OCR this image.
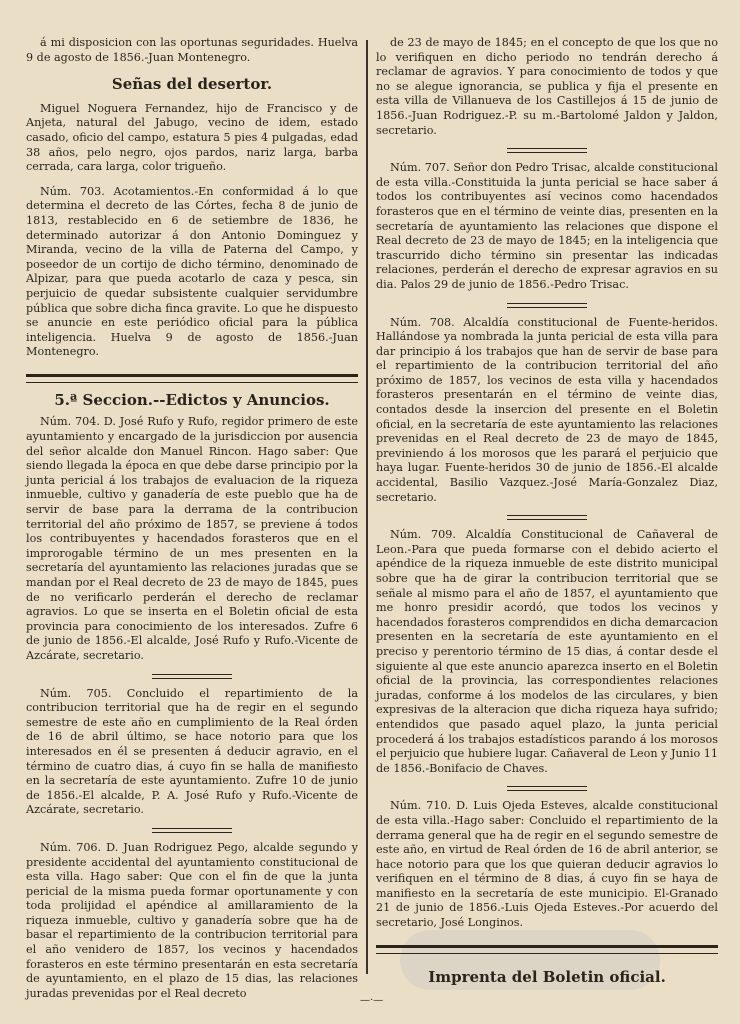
á mi disposicion con las oportunas seguridades. Huelva 9 de agosto de 1856.-Juan Montenegro.

Señas del desertor.

Miguel Noguera Fernandez, hijo de Francisco y de Anjeta, natural del Jabugo, vecino de idem, estado casado, oficio del campo, estatura 5 pies 4 pulgadas, edad 38 años, pelo negro, ojos pardos, nariz larga, barba cerrada, cara larga, color trigueño.

Núm. 703. Acotamientos.-En conformidad á lo que determina el decreto de las Córtes, fecha 8 de junio de 1813, restablecido en 6 de setiembre de 1836, he determinado autorizar á don Antonio Dominguez y Miranda, vecino de la villa de Paterna del Campo, y poseedor de un cortijo de dicho término, denominado de Alpizar, para que pueda acotarlo de caza y pesca, sin perjuicio de quedar subsistente cualquier servidumbre pública que sobre dicha finca gravite. Lo que he dispuesto se anuncie en este periódico oficial para la pública inteligencia. Huelva 9 de agosto de 1856.-Juan Montenegro.

5.ª Seccion.--Edictos y Anuncios.

Núm. 704. D. José Rufo y Rufo, regidor primero de este ayuntamiento y encargado de la jurisdiccion por ausencia del señor alcalde don Manuel Rincon. Hago saber: Que siendo llegada la época en que debe darse principio por la junta pericial á los trabajos de evaluacion de la riqueza inmueble, cultivo y ganadería de este pueblo que ha de servir de base para la derrama de la contribucion territorial del año próximo de 1857, se previene á todos los contribuyentes y hacendados forasteros que en el improrogable término de un mes presenten en la secretaría del ayuntamiento las relaciones juradas que se mandan por el Real decreto de 23 de mayo de 1845, pues de no verificarlo perderán el derecho de reclamar agravios. Lo que se inserta en el Boletin oficial de esta provincia para conocimiento de los interesados. Zufre 6 de junio de 1856.-El alcalde, José Rufo y Rufo.-Vicente de Azcárate, secretario.

Núm. 705. Concluido el repartimiento de la contribucion territorial que ha de regir en el segundo semestre de este año en cumplimiento de la Real órden de 16 de abril último, se hace notorio para que los interesados en él se presenten á deducir agravio, en el término de cuatro dias, á cuyo fin se halla de manifiesto en la secretaría de este ayuntamiento. Zufre 10 de junio de 1856.-El alcalde, P. A. José Rufo y Rufo.-Vicente de Azcárate, secretario.

Núm. 706. D. Juan Rodriguez Pego, alcalde segundo y presidente accidental del ayuntamiento constitucional de esta villa. Hago saber: Que con el fin de que la junta pericial de la misma pueda formar oportunamente y con toda prolijidad el apéndice al amillaramiento de la riqueza inmueble, cultivo y ganadería sobre que ha de basar el repartimiento de la contribucion territorial para el año venidero de 1857, los vecinos y hacendados forasteros en este término presentarán en esta secretaría de ayuntamiento, en el plazo de 15 dias, las relaciones juradas prevenidas por el Real decreto

de 23 de mayo de 1845; en el concepto de que los que no lo verifiquen en dicho periodo no tendrán derecho á reclamar de agravios. Y para conocimiento de todos y que no se alegue ignorancia, se publica y fija el presente en esta villa de Villanueva de los Castillejos á 15 de junio de 1856.-Juan Rodriguez.-P. su m.-Bartolomé Jaldon y Jaldon, secretario.

Núm. 707. Señor don Pedro Trisac, alcalde constitucional de esta villa.-Constituida la junta pericial se hace saber á todos los contribuyentes así vecinos como hacendados forasteros que en el término de veinte dias, presenten en la secretaría de ayuntamiento las relaciones que dispone el Real decreto de 23 de mayo de 1845; en la inteligencia que trascurrido dicho término sin presentar las indicadas relaciones, perderán el derecho de expresar agravios en su dia. Palos 29 de junio de 1856.-Pedro Trisac.

Núm. 708. Alcaldía constitucional de Fuente-heridos. Hallándose ya nombrada la junta pericial de esta villa para dar principio á los trabajos que han de servir de base para el repartimiento de la contribucion territorial del año próximo de 1857, los vecinos de esta villa y hacendados forasteros presentarán en el término de veinte dias, contados desde la insercion del presente en el Boletin oficial, en la secretaría de este ayuntamiento las relaciones prevenidas en el Real decreto de 23 de mayo de 1845, previniendo á los morosos que les parará el perjuicio que haya lugar. Fuente-heridos 30 de junio de 1856.-El alcalde accidental, Basilio Vazquez.-José María-Gonzalez Diaz, secretario.

Núm. 709. Alcaldía Constitucional de Cañaveral de Leon.-Para que pueda formarse con el debido acierto el apéndice de la riqueza inmueble de este distrito municipal sobre que ha de girar la contribucion territorial que se señale al mismo para el año de 1857, el ayuntamiento que me honro presidir acordó, que todos los vecinos y hacendados forasteros comprendidos en dicha demarcacion presenten en la secretaría de este ayuntamiento en el preciso y perentorio término de 15 dias, á contar desde el siguiente al que este anuncio aparezca inserto en el Boletin oficial de la provincia, las correspondientes relaciones juradas, conforme á los modelos de las circulares, y bien expresivas de la alteracion que dicha riqueza haya sufrido; entendidos que pasado aquel plazo, la junta pericial procederá á los trabajos estadísticos parando á los morosos el perjuicio que hubiere lugar. Cañaveral de Leon y Junio 11 de 1856.-Bonifacio de Chaves.

Núm. 710. D. Luis Ojeda Esteves, alcalde constitucional de esta villa.-Hago saber: Concluido el repartimiento de la derrama general que ha de regir en el segundo semestre de este año, en virtud de Real órden de 16 de abril anterior, se hace notorio para que los que quieran deducir agravios lo verifiquen en el término de 8 dias, á cuyo fin se haya de manifiesto en la secretaría de este municipio. El-Granado 21 de junio de 1856.-Luis Ojeda Esteves.-Por acuerdo del secretario, José Longinos.

Imprenta del Boletin oficial.
—·—
